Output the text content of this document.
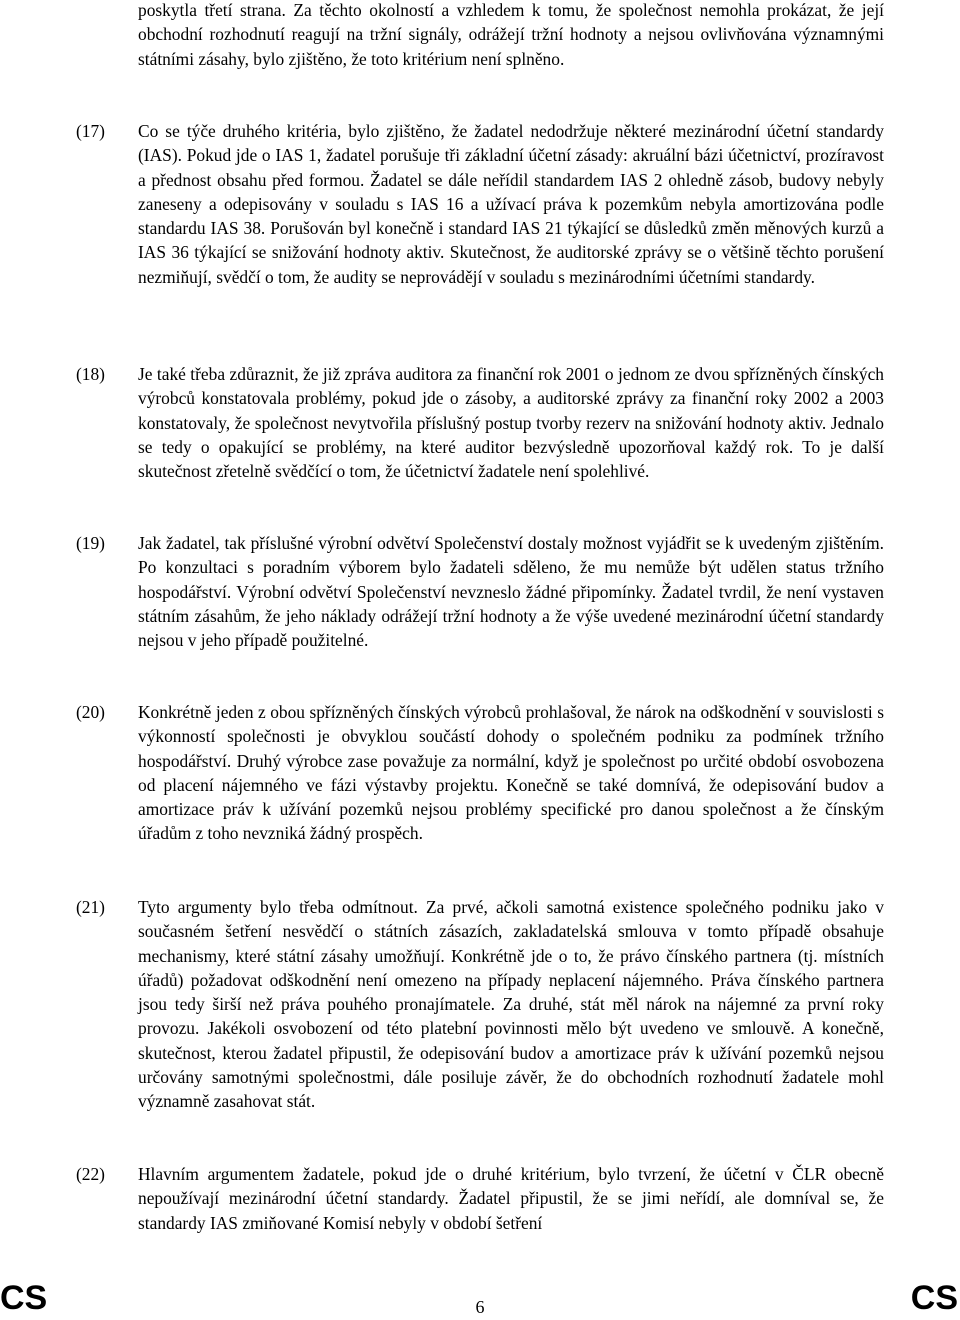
poskytla třetí strana. Za těchto okolností a vzhledem k tomu, že společnost nemohla prokázat, že její obchodní rozhodnutí reagují na tržní signály, odrážejí tržní hodnoty a nejsou ovlivňována významnými státními zásahy, bylo zjištěno, že toto kritérium není splněno.

(17) Co se týče druhého kritéria, bylo zjištěno, že žadatel nedodržuje některé mezinárodní účetní standardy (IAS). Pokud jde o IAS 1, žadatel porušuje tři základní účetní zásady: akruální bázi účetnictví, prozíravost a přednost obsahu před formou. Žadatel se dále neřídil standardem IAS 2 ohledně zásob, budovy nebyly zaneseny a odepisovány v souladu s IAS 16 a užívací práva k pozemkům nebyla amortizována podle standardu IAS 38. Porušován byl konečně i standard IAS 21 týkající se důsledků změn měnových kurzů a IAS 36 týkající se snižování hodnoty aktiv. Skutečnost, že auditorské zprávy se o většině těchto porušení nezmiňují, svědčí o tom, že audity se neprovádějí v souladu s mezinárodními účetními standardy.

(18) Je také třeba zdůraznit, že již zpráva auditora za finanční rok 2001 o jednom ze dvou spřízněných čínských výrobců konstatovala problémy, pokud jde o zásoby, a auditorské zprávy za finanční roky 2002 a 2003 konstatovaly, že společnost nevytvořila příslušný postup tvorby rezerv na snižování hodnoty aktiv. Jednalo se tedy o opakující se problémy, na které auditor bezvýsledně upozorňoval každý rok. To je další skutečnost zřetelně svědčící o tom, že účetnictví žadatele není spolehlivé.

(19) Jak žadatel, tak příslušné výrobní odvětví Společenství dostaly možnost vyjádřit se k uvedeným zjištěním. Po konzultaci s poradním výborem bylo žadateli sděleno, že mu nemůže být udělen status tržního hospodářství. Výrobní odvětví Společenství nevzneslo žádné připomínky. Žadatel tvrdil, že není vystaven státním zásahům, že jeho náklady odrážejí tržní hodnoty a že výše uvedené mezinárodní účetní standardy nejsou v jeho případě použitelné.

(20) Konkrétně jeden z obou spřízněných čínských výrobců prohlašoval, že nárok na odškodnění v souvislosti s výkonností společnosti je obvyklou součástí dohody o společném podniku za podmínek tržního hospodářství. Druhý výrobce zase považuje za normální, když je společnost po určité období osvobozena od placení nájemného ve fázi výstavby projektu. Konečně se také domnívá, že odepisování budov a amortizace práv k užívání pozemků nejsou problémy specifické pro danou společnost a že čínským úřadům z toho nevzniká žádný prospěch.

(21) Tyto argumenty bylo třeba odmítnout. Za prvé, ačkoli samotná existence společného podniku jako v současném šetření nesvědčí o státních zásazích, zakladatelská smlouva v tomto případě obsahuje mechanismy, které státní zásahy umožňují. Konkrétně jde o to, že právo čínského partnera (tj. místních úřadů) požadovat odškodnění není omezeno na případy neplacení nájemného. Práva čínského partnera jsou tedy širší než práva pouhého pronajímatele. Za druhé, stát měl nárok na nájemné za první roky provozu. Jakékoli osvobození od této platební povinnosti mělo být uvedeno ve smlouvě. A konečně, skutečnost, kterou žadatel připustil, že odepisování budov a amortizace práv k užívání pozemků nejsou určovány samotnými společnostmi, dále posiluje závěr, že do obchodních rozhodnutí žadatele mohl významně zasahovat stát.

(22) Hlavním argumentem žadatele, pokud jde o druhé kritérium, bylo tvrzení, že účetní v ČLR obecně nepoužívají mezinárodní účetní standardy. Žadatel připustil, že se jimi neřídí, ale domníval se, že standardy IAS zmiňované Komisí nebyly v období šetření

CS	6	CS
